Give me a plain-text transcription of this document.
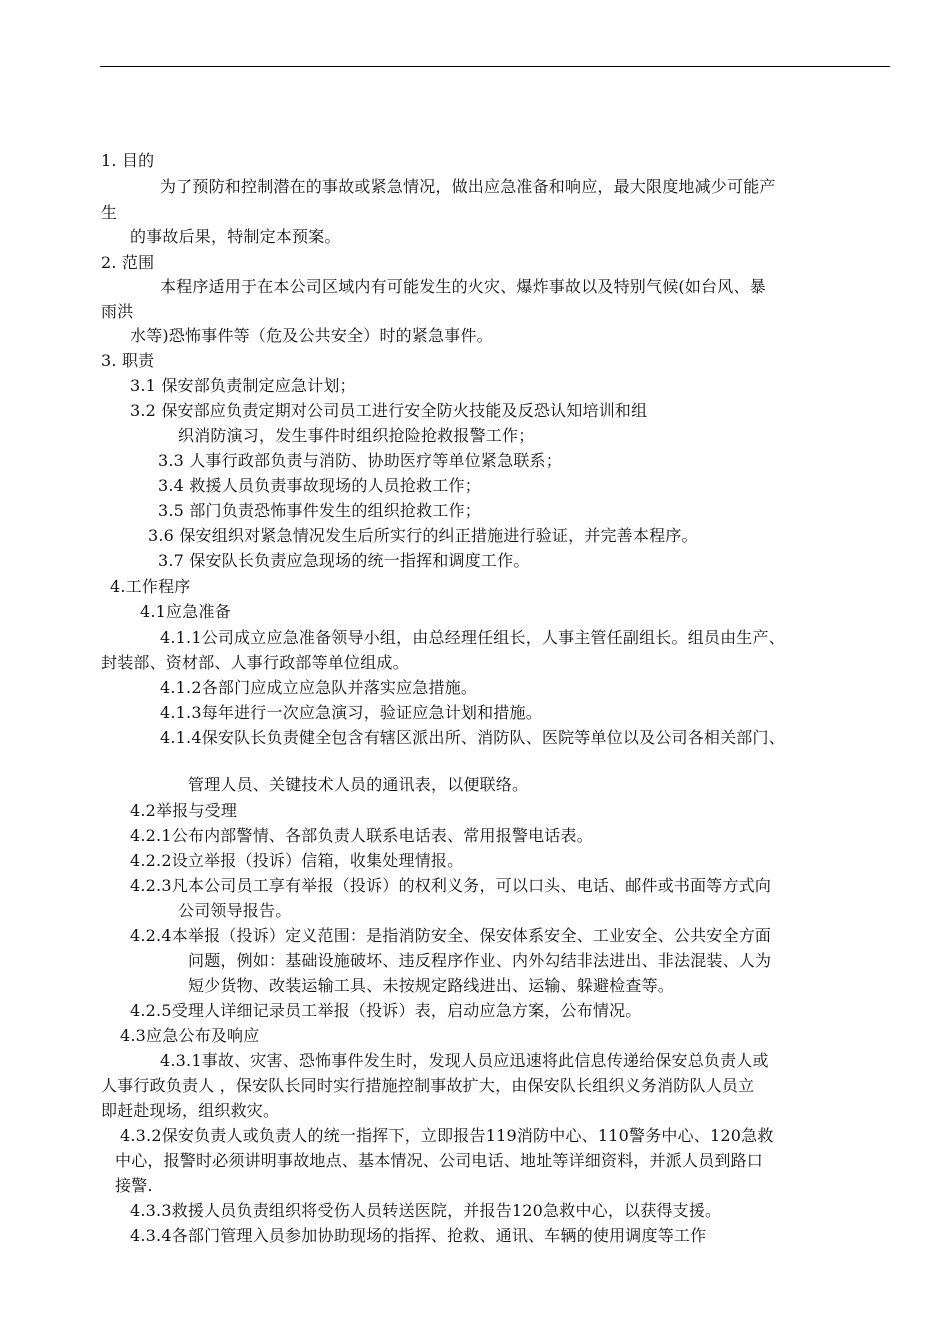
1. 目的
为了预防和控制潜在的事故或紧急情况，做出应急准备和响应，最大限度地减少可能产
生
的事故后果，特制定本预案。
2. 范围
本程序适用于在本公司区域内有可能发生的火灾、爆炸事故以及特别气候(如台风、暴
雨洪
水等)恐怖事件等（危及公共安全）时的紧急事件。
3. 职责
3.1 保安部负责制定应急计划；
3.2 保安部应负责定期对公司员工进行安全防火技能及反恐认知培训和组
织消防演习，发生事件时组织抢险抢救报警工作；
3.3 人事行政部负责与消防、协助医疗等单位紧急联系；
3.4 救援人员负责事故现场的人员抢救工作；
3.5 部门负责恐怖事件发生的组织抢救工作；
3.6 保安组织对紧急情况发生后所实行的纠正措施进行验证，并完善本程序。
3.7 保安队长负责应急现场的统一指挥和调度工作。
4.工作程序
4.1应急准备
4.1.1公司成立应急准备领导小组，由总经理任组长，人事主管任副组长。组员由生产、
封装部、资材部、人事行政部等单位组成。
4.1.2各部门应成立应急队并落实应急措施。
4.1.3每年进行一次应急演习，验证应急计划和措施。
4.1.4保安队长负责健全包含有辖区派出所、消防队、医院等单位以及公司各相关部门、
管理人员、关键技术人员的通讯表，以便联络。
4.2举报与受理
4.2.1公布内部警情、各部负责人联系电话表、常用报警电话表。
4.2.2设立举报（投诉）信箱，收集处理情报。
4.2.3凡本公司员工享有举报（投诉）的权利义务，可以口头、电话、邮件或书面等方式向
公司领导报告。
4.2.4本举报（投诉）定义范围：是指消防安全、保安体系安全、工业安全、公共安全方面
问题，例如：基础设施破坏、违反程序作业、内外勾结非法进出、非法混装、人为
短少货物、改装运输工具、未按规定路线进出、运输、躲避检查等。
4.2.5受理人详细记录员工举报（投诉）表，启动应急方案，公布情况。
4.3应急公布及响应
4.3.1事故、灾害、恐怖事件发生时，发现人员应迅速将此信息传递给保安总负责人或
人事行政负责人 ，保安队长同时实行措施控制事故扩大，由保安队长组织义务消防队人员立
即赶赴现场，组织救灾。
4.3.2保安负责人或负责人的统一指挥下，立即报告119消防中心、110警务中心、120急救
中心，报警时必须讲明事故地点、基本情况、公司电话、地址等详细资料，并派人员到路口
接警.
4.3.3救援人员负责组织将受伤人员转送医院，并报告120急救中心，以获得支援。
4.3.4各部门管理入员参加协助现场的指挥、抢救、通讯、车辆的使用调度等工作
